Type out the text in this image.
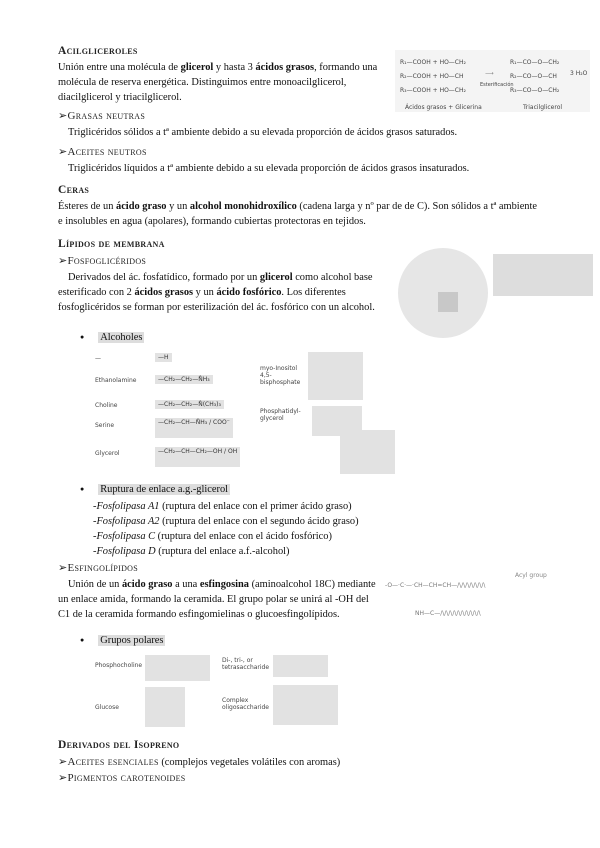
Acilgliceroles

Unión entre una molécula de glicerol y hasta 3 ácidos grasos, formando una molécula de reserva energética. Distinguimos entre monoacilglicerol, diacilglicerol y triacilglicerol.

R₁—COOH + HO—CH₂
R₂—COOH + HO—CH
R₃—COOH + HO—CH₂
⟶
Esterificación
R₁—CO—O—CH₂
R₂—CO—O—CH
R₃—CO—O—CH₂
3 H₂O
Ácidos grasos + Glicerina	Triacilglicerol
➢Grasas neutras

Triglicéridos sólidos a tª ambiente debido a su elevada proporción de ácidos grasos saturados.

➢Aceites neutros

Triglicéridos líquidos a tª ambiente debido a su elevada proporción de ácidos grasos insaturados.

Ceras

Ésteres de un ácido graso y un alcohol monohidroxílico (cadena larga y nº par de de C). Son sólidos a tª ambiente e insolubles en agua (apolares), formando cubiertas protectoras en tejidos.

Lípidos de membrana
➢Fosfoglicéridos

Derivados del ác. fosfatídico, formado por un glicerol como alcohol base esterificado con 2 ácidos grasos y un ácido fosfórico. Los diferentes fosfoglicéridos se forman por esterilización del ác. fosfórico con un alcohol.

● Alcoholes
—	—H
Ethanolamine	—CH₂—CH₂—N̊H₃
Choline	—CH₂—CH₂—N̊(CH₃)₃
Serine	—CH₂—CH—N̊H₃ / COO⁻
Glycerol	—CH₂—CH—CH₂—OH / OH
myo-Inositol 4,5-bisphosphate
Phosphatidyl-glycerol
● Ruptura de enlace a.g.-glicerol

-Fosfolipasa A1 (ruptura del enlace con el primer ácido graso)

-Fosfolipasa A2 (ruptura del enlace con el segundo ácido graso)

-Fosfolipasa C (ruptura del enlace con el ácido fosfórico)

-Fosfolipasa D (ruptura del enlace a.f.-alcohol)

➢Esfingolípidos

Unión de un ácido graso a una esfingosina (aminoalcohol 18C) mediante un enlace amida, formando la ceramida. El grupo polar se unirá al -OH del C1 de la ceramida formando esfingomielinas o glucoesfingolípidos.

-O—·C·—·CH—CH=CH—/\/\/\/\/\/\/\
　　　　　NH—C—/\/\/\/\/\/\/\/\/\/\
Acyl group
● Grupos polares
Phosphocholine
Glucose
Di-, tri-, or tetrasaccharide
Complex oligosaccharide
Derivados del Isopreno

➢Aceites esenciales (complejos vegetales volátiles con aromas)

➢Pigmentos carotenoides
